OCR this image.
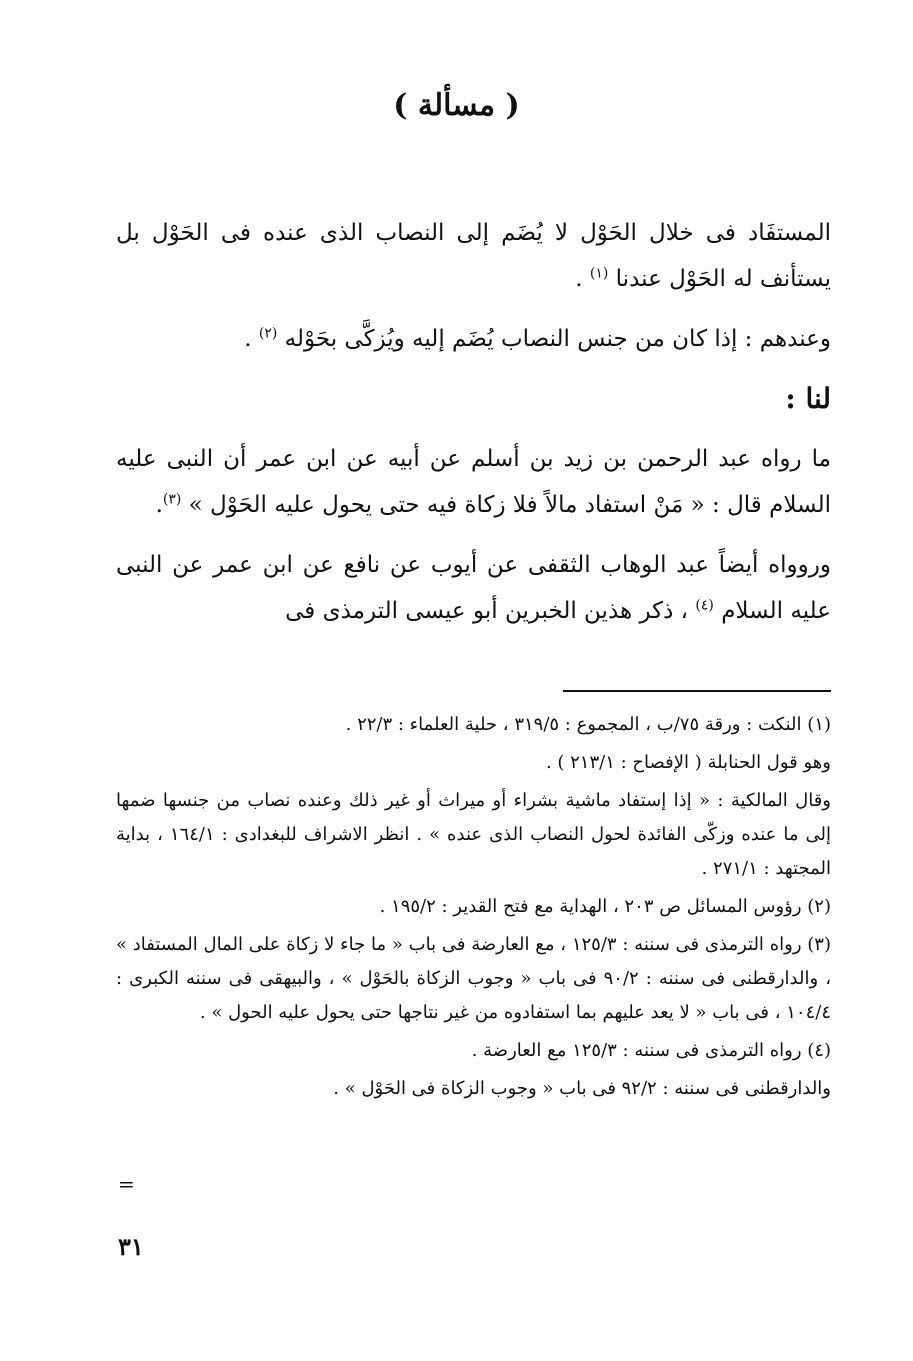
( مسألة )

المستفَاد فى خلال الحَوْل لا يُضَم إلى النصاب الذى عنده فى الحَوْل بل يستأنف له الحَوْل عندنا $^{(١)}$ .

وعندهم : إذا كان من جنس النصاب يُضَم إليه ويُزكَّى بحَوْله $^{(٢)}$ .

لنا :

ما رواه عبد الرحمن بن زيد بن أسلم عن أبيه عن ابن عمر أن النبى عليه السلام قال : « مَنْ استفاد مالاً فلا زكاة فيه حتى يحول عليه الحَوْل » $^{(٣)}$.

وروواه أيضاً عبد الوهاب الثقفى عن أيوب عن نافع عن ابن عمر عن النبى عليه السلام $^{(٤)}$ ، ذكر هذين الخبرين أبو عيسى الترمذى فى

(١) النكت : ورقة ٧٥/ب ، المجموع : ٣١٩/٥ ، حلية العلماء : ٢٢/٣ .

وهو قول الحنابلة ( الإفصاح : ٢١٣/١ ) .

وقال المالكية : « إذا إستفاد ماشية بشراء أو ميراث أو غير ذلك وعنده نصاب من جنسها ضمها إلى ما عنده وزكّى الفائدة لحول النصاب الذى عنده » . انظر الاشراف للبغدادى : ١٦٤/١ ، بداية المجتهد : ٢٧١/١ .

(٢) رؤوس المسائل ص ٢٠٣ ، الهداية مع فتح القدير : ١٩٥/٢ .

(٣) رواه الترمذى فى سننه : ١٢٥/٣ ، مع العارضة فى باب « ما جاء لا زكاة على المال المستفاد » ، والدارقطنى فى سننه : ٩٠/٢ فى باب « وجوب الزكاة بالحَوْل » ، والبيهقى فى سننه الكبرى : ١٠٤/٤ ، فى باب « لا يعد عليهم بما استفادوه من غير نتاجها حتى يحول عليه الحول » .

(٤) رواه الترمذى فى سننه : ١٢٥/٣ مع العارضة .

والدارقطنى فى سننه : ٩٢/٢ فى باب « وجوب الزكاة فى الحَوْل » .

=
٣١
